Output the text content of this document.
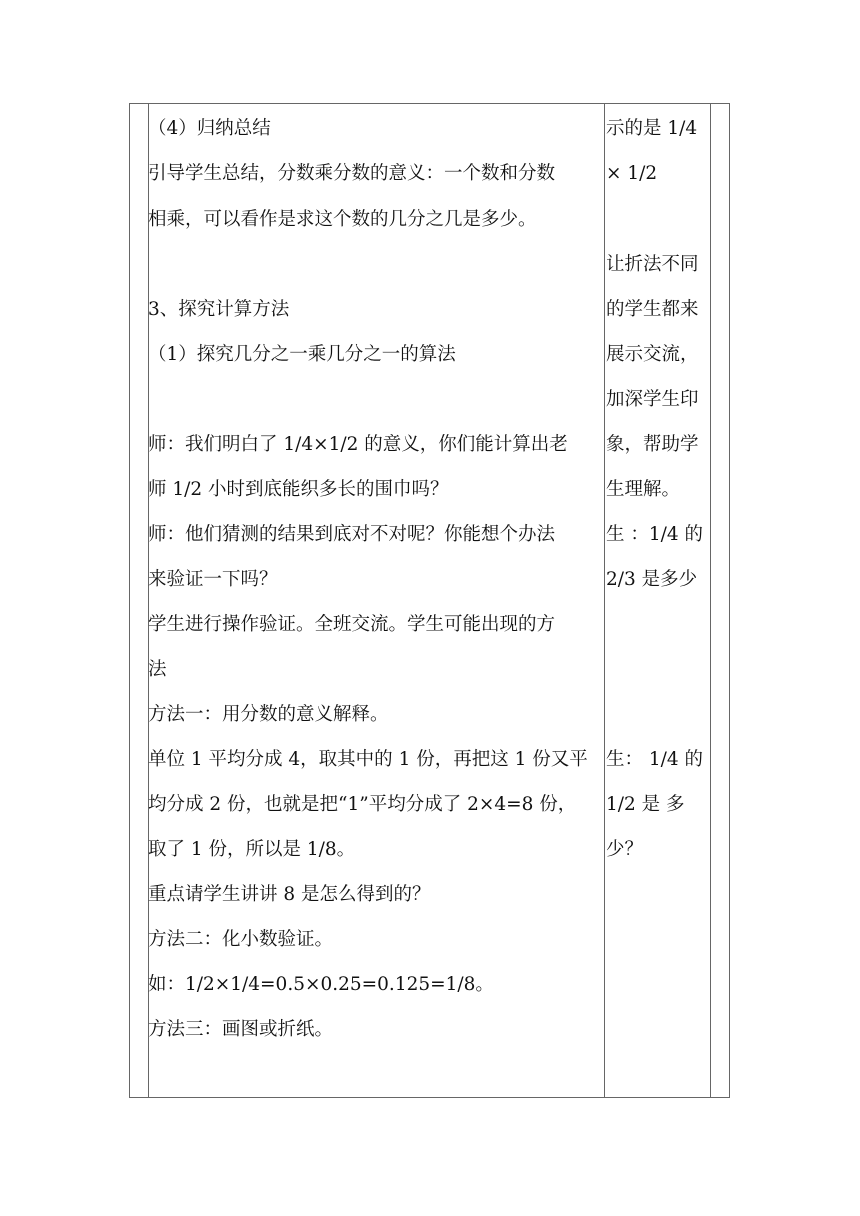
（4）归纳总结
引导学生总结，分数乘分数的意义：一个数和分数
相乘，可以看作是求这个数的几分之几是多少。
3、探究计算方法
（1）探究几分之一乘几分之一的算法
师：我们明白了 1/4×1/2 的意义，你们能计算出老
师 1/2 小时到底能织多长的围巾吗？
师：他们猜测的结果到底对不对呢？你能想个办法
来验证一下吗？
学生进行操作验证。全班交流。学生可能出现的方
法
方法一：用分数的意义解释。
单位 1 平均分成 4，取其中的 1 份，再把这 1 份又平
均分成 2 份，也就是把“1”平均分成了 2×4=8 份，
取了 1 份，所以是 1/8。
重点请学生讲讲 8 是怎么得到的？
方法二：化小数验证。
如：1/2×1/4=0.5×0.25=0.125=1/8。
方法三：画图或折纸。
示的是 1/4
× 1/2
让折法不同
的学生都来
展示交流，
加深学生印
象，帮助学
生理解。
生 ：1/4 的
2/3 是多少
生： 1/4 的
1/2 是 多
少？
